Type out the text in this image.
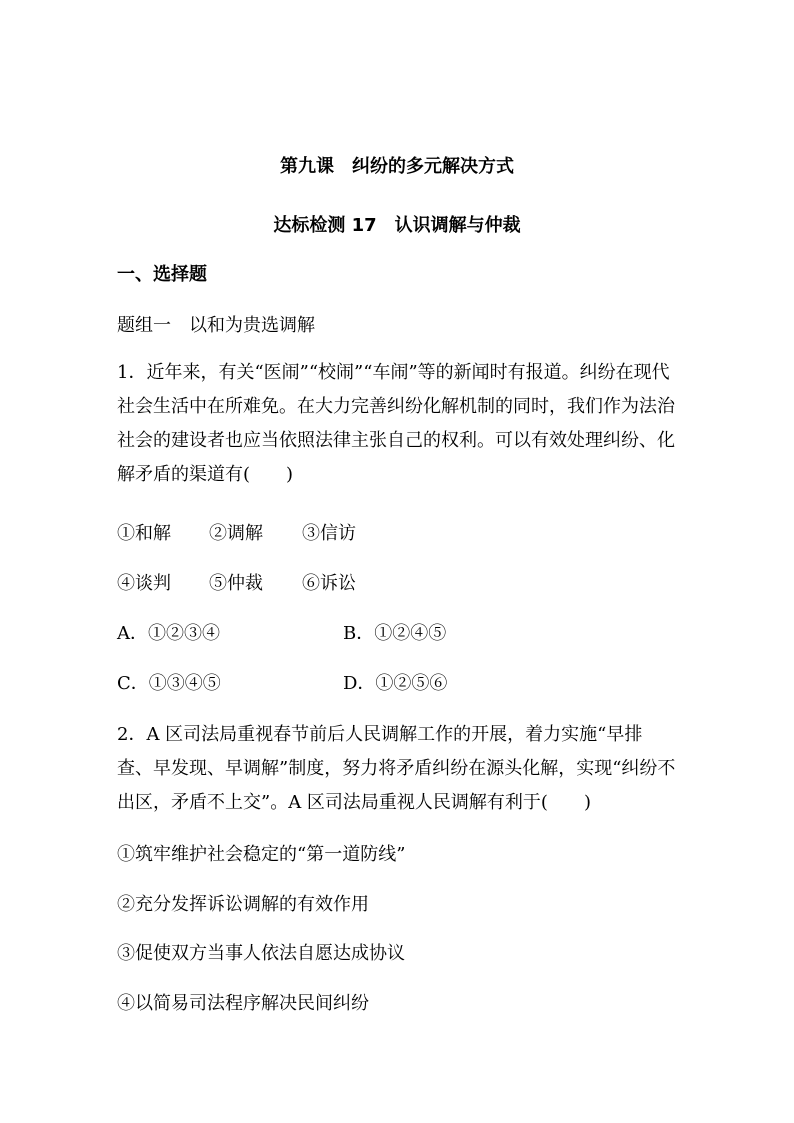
第九课　纠纷的多元解决方式
达标检测 17　认识调解与仲裁
一、选择题
题组一　以和为贵选调解
1．近年来，有关“医闹”“校闹”“车闹”等的新闻时有报道。纠纷在现代社会生活中在所难免。在大力完善纠纷化解机制的同时，我们作为法治社会的建设者也应当依照法律主张自己的权利。可以有效处理纠纷、化解矛盾的渠道有(　　)
①和解 ②调解 ③信访
④谈判 ⑤仲裁 ⑥诉讼
A．①②③④	B．①②④⑤
C．①③④⑤	D．①②⑤⑥
2．A 区司法局重视春节前后人民调解工作的开展，着力实施“早排查、早发现、早调解”制度，努力将矛盾纠纷在源头化解，实现“纠纷不出区，矛盾不上交”。A 区司法局重视人民调解有利于(　　)
①筑牢维护社会稳定的“第一道防线”
②充分发挥诉讼调解的有效作用
③促使双方当事人依法自愿达成协议
④以简易司法程序解决民间纠纷
